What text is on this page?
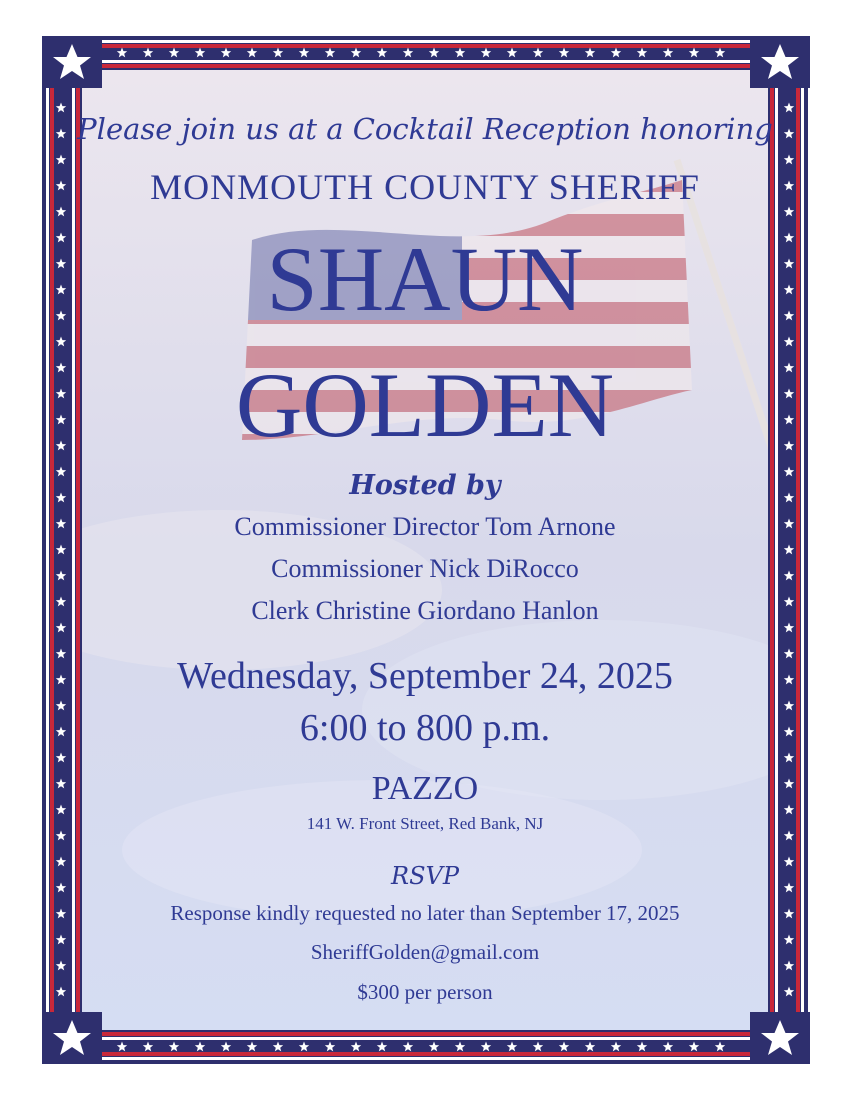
Please join us at a Cocktail Reception honoring
MONMOUTH COUNTY SHERIFF
SHAUN
GOLDEN
Hosted by
Commissioner Director Tom Arnone
Commissioner Nick DiRocco
Clerk Christine Giordano Hanlon
Wednesday, September 24, 2025
6:00 to 800 p.m.
PAZZO
141 W. Front Street, Red Bank, NJ
RSVP
Response kindly requested no later than September 17, 2025
SheriffGolden@gmail.com
$300 per person
